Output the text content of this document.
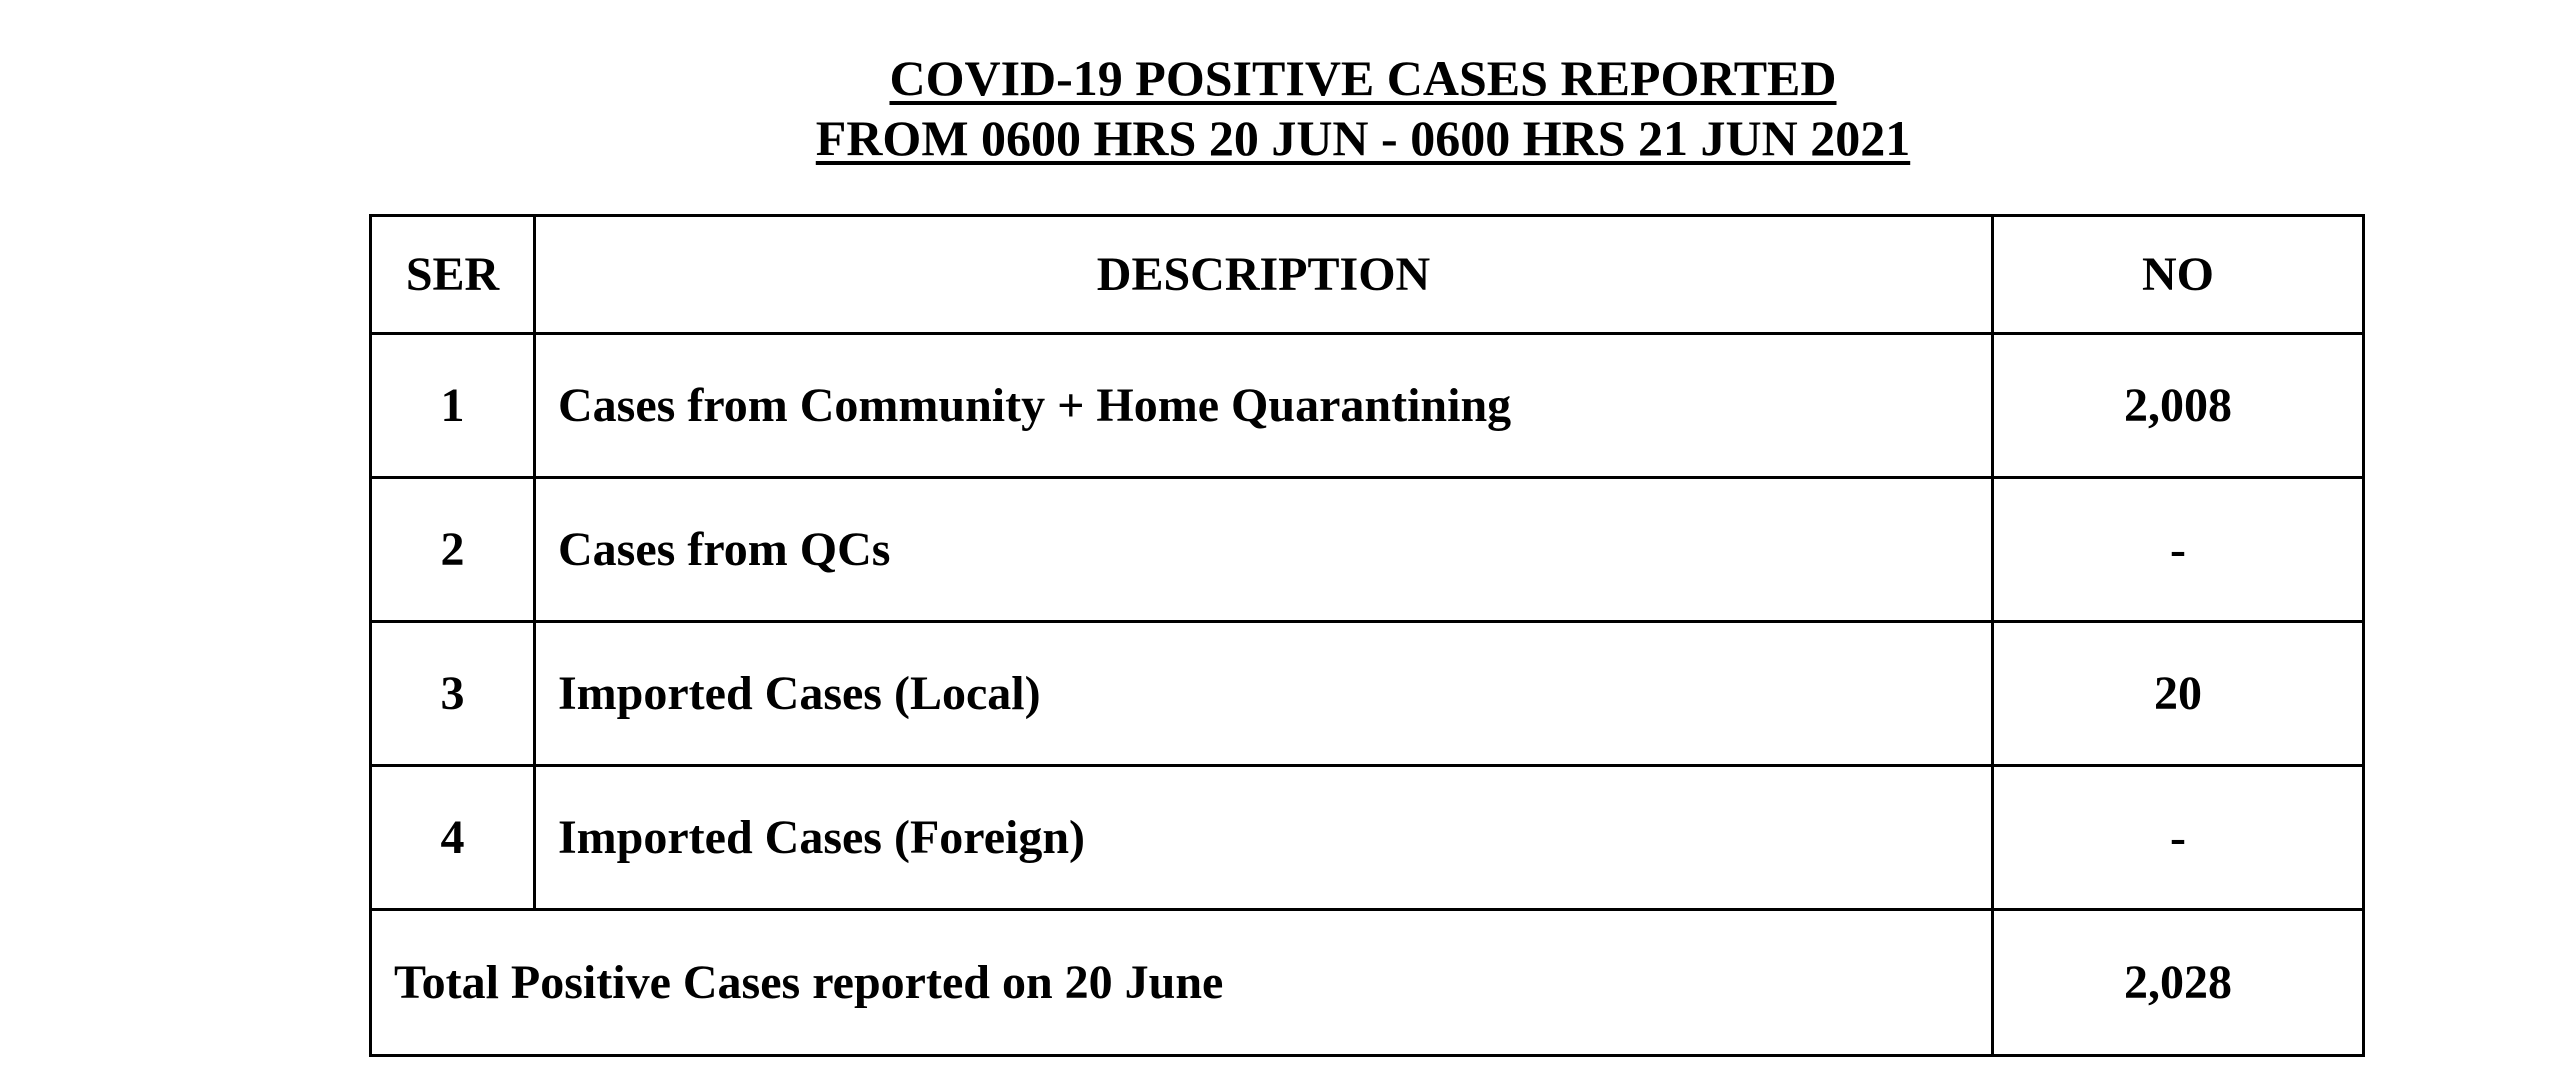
COVID-19 POSITIVE CASES REPORTED
FROM 0600 HRS 20 JUN - 0600 HRS 21 JUN 2021
SER	DESCRIPTION	NO
1	Cases from Community + Home Quarantining	2,008
2	Cases from QCs	-
3	Imported Cases (Local)	20
4	Imported Cases (Foreign)	-
Total Positive Cases reported on 20 June		2,028
